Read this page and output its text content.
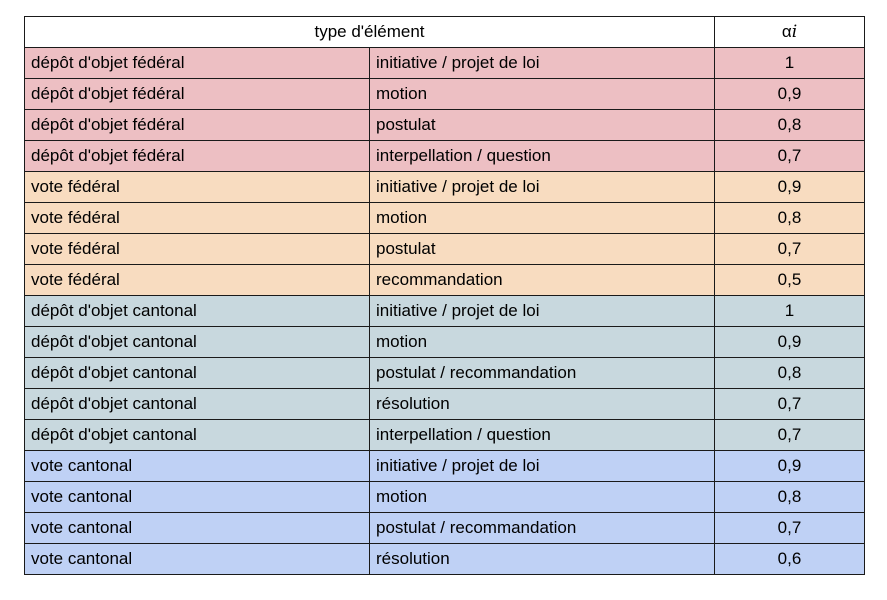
type d'élément		αi
dépôt d'objet fédéral	initiative / projet de loi	1
dépôt d'objet fédéral	motion	0,9
dépôt d'objet fédéral	postulat	0,8
dépôt d'objet fédéral	interpellation / question	0,7
vote fédéral	initiative / projet de loi	0,9
vote fédéral	motion	0,8
vote fédéral	postulat	0,7
vote fédéral	recommandation	0,5
dépôt d'objet cantonal	initiative / projet de loi	1
dépôt d'objet cantonal	motion	0,9
dépôt d'objet cantonal	postulat / recommandation	0,8
dépôt d'objet cantonal	résolution	0,7
dépôt d'objet cantonal	interpellation / question	0,7
vote cantonal	initiative / projet de loi	0,9
vote cantonal	motion	0,8
vote cantonal	postulat / recommandation	0,7
vote cantonal	résolution	0,6
